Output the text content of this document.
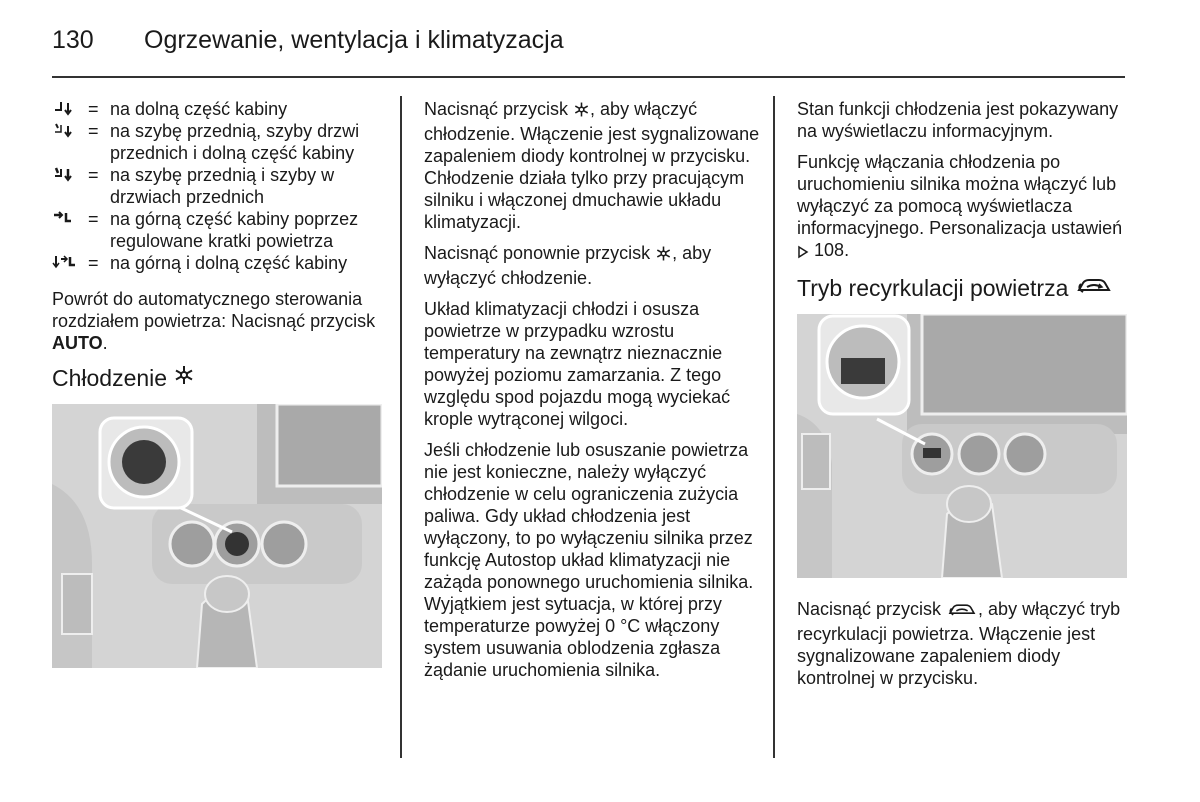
130	Ogrzewanie, wentylacja i klimatyzacja
= na dolną część kabiny
= na szybę przednią, szyby drzwi przednich i dolną część kabiny
= na szybę przednią i szyby w drzwiach przednich
= na górną część kabiny poprzez regulowane kratki powietrza
= na górną i dolną część kabiny

Powrót do automatycznego sterowania rozdziałem powietrza: Nacisnąć przycisk AUTO.

Chłodzenie

Nacisnąć przycisk , aby włączyć chłodzenie. Włączenie jest sygnalizowane zapaleniem diody kontrolnej w przycisku. Chłodzenie działa tylko przy pracującym silniku i włączonej dmuchawie układu klimatyzacji.

Nacisnąć ponownie przycisk , aby wyłączyć chłodzenie.

Układ klimatyzacji chłodzi i osusza powietrze w przypadku wzrostu temperatury na zewnątrz nieznacznie powyżej poziomu zamarzania. Z tego względu spod pojazdu mogą wyciekać krople wytrąconej wilgoci.

Jeśli chłodzenie lub osuszanie powietrza nie jest konieczne, należy wyłączyć chłodzenie w celu ograniczenia zużycia paliwa. Gdy układ chłodzenia jest wyłączony, to po wyłączeniu silnika przez funkcję Autostop układ klimatyzacji nie zażąda ponownego uruchomienia silnika. Wyjątkiem jest sytuacja, w której przy temperaturze powyżej 0 °C włączony system usuwania oblodzenia zgłasza żądanie uruchomienia silnika.

Stan funkcji chłodzenia jest pokazywany na wyświetlaczu informacyjnym.

Funkcję włączania chłodzenia po uruchomieniu silnika można włączyć lub wyłączyć za pomocą wyświetlacza informacyjnego. Personalizacja ustawień  108.

Tryb recyrkulacji powietrza

Nacisnąć przycisk , aby włączyć tryb recyrkulacji powietrza. Włączenie jest sygnalizowane zapaleniem diody kontrolnej w przycisku.
